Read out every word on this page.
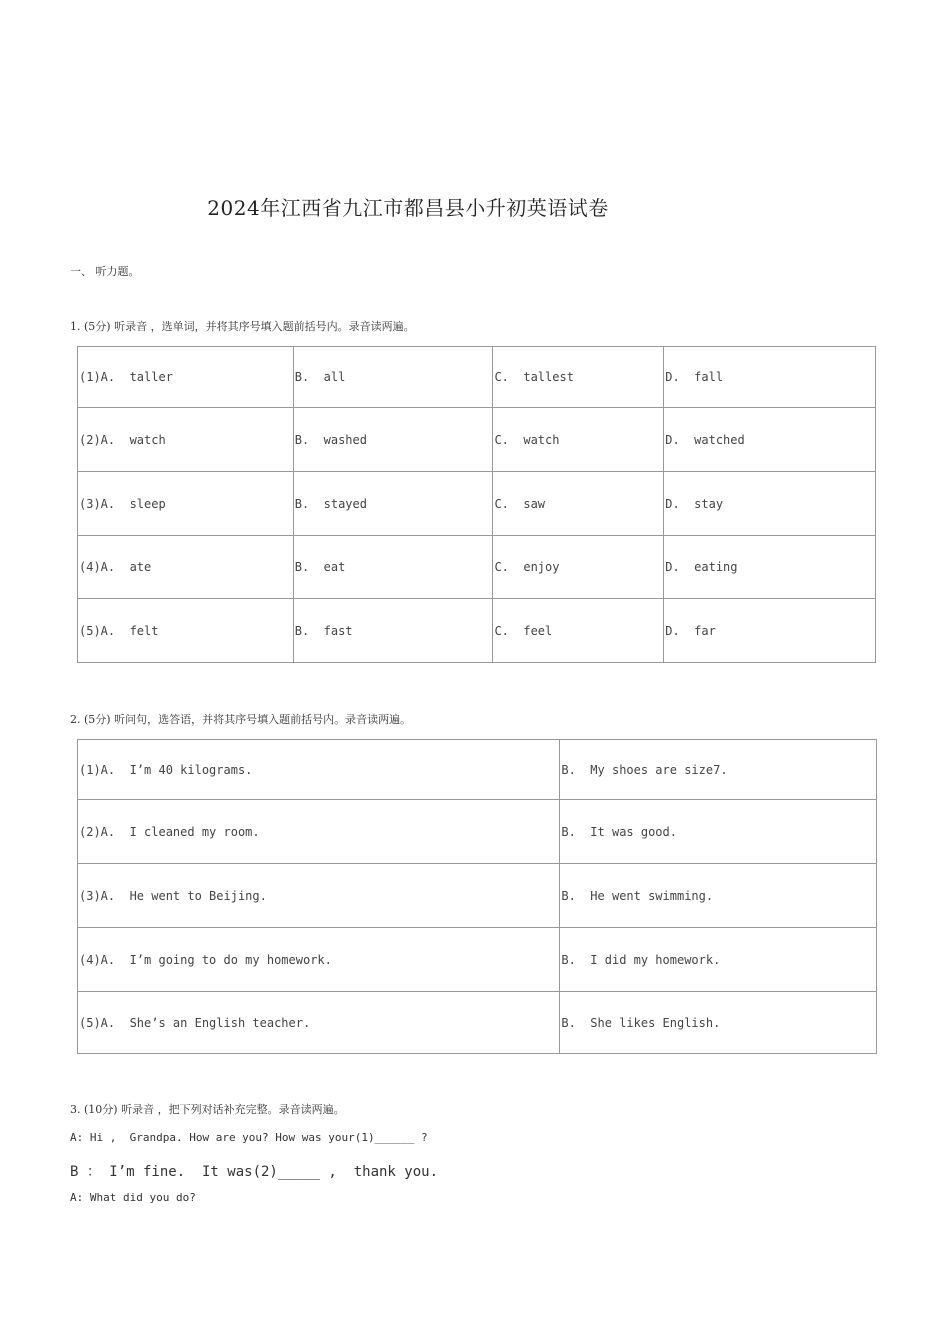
2024年江西省九江市都昌县小升初英语试卷
一、 听力题。
1. (5分) 听录音 ，选单词，并将其序号填入题前括号内。录音读两遍。
(1)A.  taller	B.  all	C.  tallest	D.  fall
(2)A.  watch	B.  washed	C.  watch	D.  watched
(3)A.  sleep	B.  stayed	C.  saw	D.  stay
(4)A.  ate	B.  eat	C.  enjoy	D.  eating
(5)A.  felt	B.  fast	C.  feel	D.  far
2. (5分) 听问句，选答语，并将其序号填入题前括号内。录音读两遍。
(1)A.  I’m 40 kilograms.	B.  My shoes are size7.
(2)A.  I cleaned my room.	B.  It was good.
(3)A.  He went to Beijing.	B.  He went swimming.
(4)A.  I’m going to do my homework.	B.  I did my homework.
(5)A.  She’s an English teacher.	B.  She likes English.
3. (10分) 听录音 ，把下列对话补充完整。录音读两遍。
A: Hi ,  Grandpa. How are you? How was your(1)______ ?
B ： I’m fine.  It was(2)_____ ,  thank you.
A: What did you do?
